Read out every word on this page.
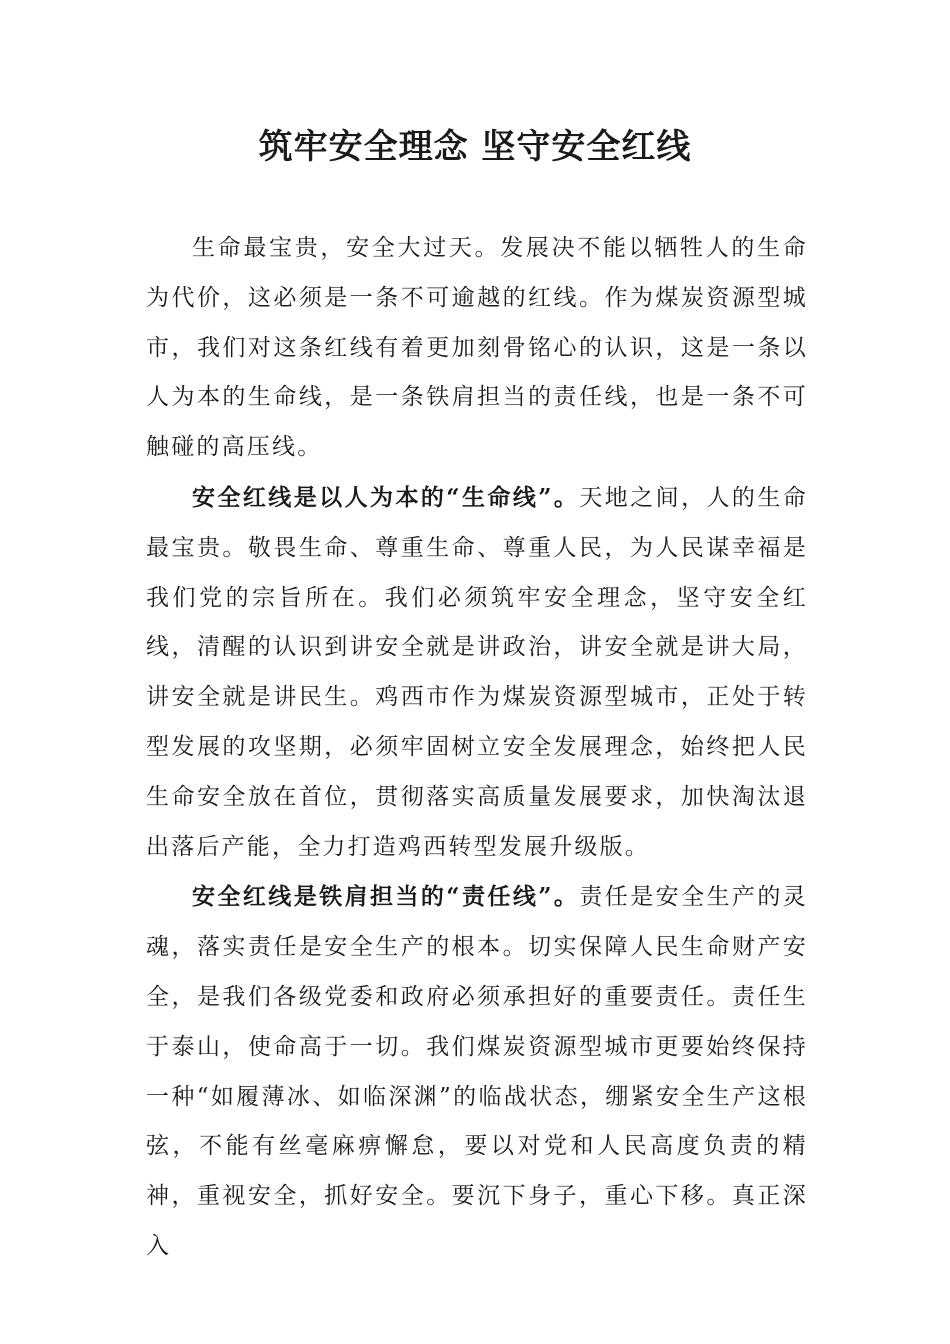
筑牢安全理念 坚守安全红线

生命最宝贵，安全大过天。发展决不能以牺牲人的生命为代价，这必须是一条不可逾越的红线。作为煤炭资源型城市，我们对这条红线有着更加刻骨铭心的认识，这是一条以人为本的生命线，是一条铁肩担当的责任线，也是一条不可触碰的高压线。

安全红线是以人为本的“生命线”。天地之间，人的生命最宝贵。敬畏生命、尊重生命、尊重人民，为人民谋幸福是我们党的宗旨所在。我们必须筑牢安全理念，坚守安全红线，清醒的认识到讲安全就是讲政治，讲安全就是讲大局，讲安全就是讲民生。鸡西市作为煤炭资源型城市，正处于转型发展的攻坚期，必须牢固树立安全发展理念，始终把人民生命安全放在首位，贯彻落实高质量发展要求，加快淘汰退出落后产能，全力打造鸡西转型发展升级版。

安全红线是铁肩担当的“责任线”。责任是安全生产的灵魂，落实责任是安全生产的根本。切实保障人民生命财产安全，是我们各级党委和政府必须承担好的重要责任。责任生于泰山，使命高于一切。我们煤炭资源型城市更要始终保持一种“如履薄冰、如临深渊”的临战状态，绷紧安全生产这根弦，不能有丝毫麻痹懈怠，要以对党和人民高度负责的精神，重视安全，抓好安全。要沉下身子，重心下移。真正深入
